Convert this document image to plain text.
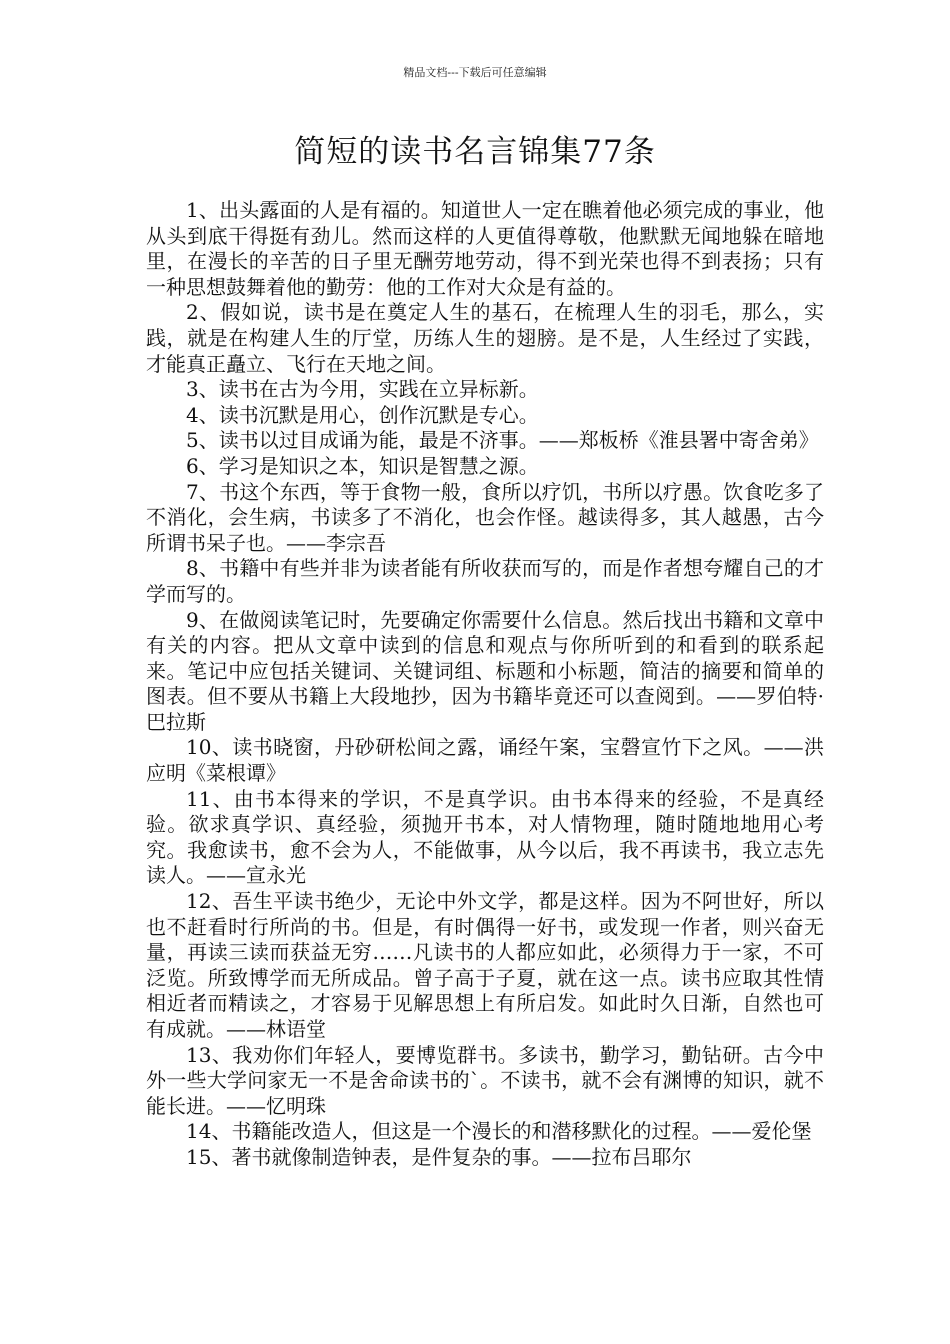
精品文档---下载后可任意编辑
简短的读书名言锦集77条

1、出头露面的人是有福的。知道世人一定在瞧着他必须完成的事业，他从头到底干得挺有劲儿。然而这样的人更值得尊敬，他默默无闻地躲在暗地里，在漫长的辛苦的日子里无酬劳地劳动，得不到光荣也得不到表扬；只有一种思想鼓舞着他的勤劳：他的工作对大众是有益的。

2、假如说，读书是在奠定人生的基石，在梳理人生的羽毛，那么，实践，就是在构建人生的厅堂，历练人生的翅膀。是不是，人生经过了实践，才能真正矗立、飞行在天地之间。

3、读书在古为今用，实践在立异标新。

4、读书沉默是用心，创作沉默是专心。

5、读书以过目成诵为能，最是不济事。——郑板桥《淮县署中寄舍弟》

6、学习是知识之本，知识是智慧之源。

7、书这个东西，等于食物一般，食所以疗饥，书所以疗愚。饮食吃多了不消化，会生病，书读多了不消化，也会作怪。越读得多，其人越愚，古今所谓书呆子也。——李宗吾

8、书籍中有些并非为读者能有所收获而写的，而是作者想夸耀自己的才学而写的。

9、在做阅读笔记时，先要确定你需要什么信息。然后找出书籍和文章中有关的内容。把从文章中读到的信息和观点与你所听到的和看到的联系起来。笔记中应包括关键词、关键词组、标题和小标题，简洁的摘要和简单的图表。但不要从书籍上大段地抄，因为书籍毕竟还可以查阅到。——罗伯特·巴拉斯

10、读书晓窗，丹砂研松间之露，诵经午案，宝磬宣竹下之风。——洪应明《菜根谭》

11、由书本得来的学识，不是真学识。由书本得来的经验，不是真经验。欲求真学识、真经验，须抛开书本，对人情物理，随时随地地用心考究。我愈读书，愈不会为人，不能做事，从今以后，我不再读书，我立志先读人。——宣永光

12、吾生平读书绝少，无论中外文学，都是这样。因为不阿世好，所以也不赶看时行所尚的书。但是，有时偶得一好书，或发现一作者，则兴奋无量，再读三读而获益无穷……凡读书的人都应如此，必须得力于一家，不可泛览。所致博学而无所成品。曾子高于子夏，就在这一点。读书应取其性情相近者而精读之，才容易于见解思想上有所启发。如此时久日渐，自然也可有成就。——林语堂

13、我劝你们年轻人，要博览群书。多读书，勤学习，勤钻研。古今中外一些大学问家无一不是舍命读书的`。不读书，就不会有渊博的知识，就不能长进。——忆明珠

14、书籍能改造人，但这是一个漫长的和潜移默化的过程。——爱伦堡

15、著书就像制造钟表，是件复杂的事。——拉布吕耶尔
